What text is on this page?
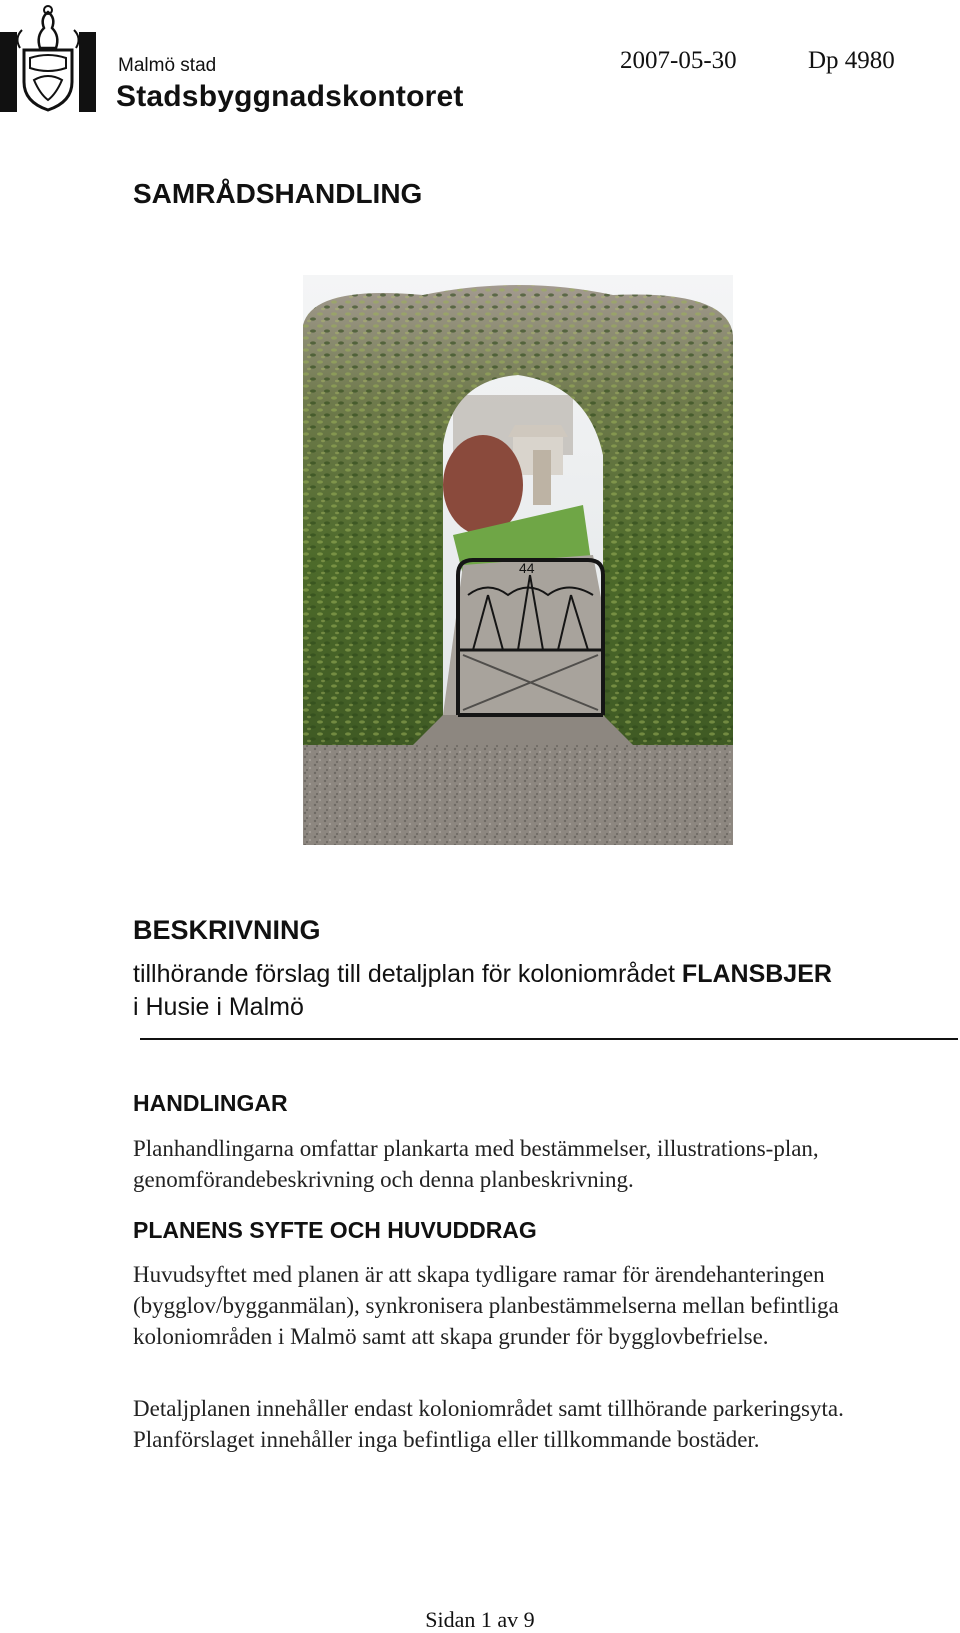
Malmö stad
Stadsbyggnadskontoret
2007-05-30	Dp 4980
SAMRÅDSHANDLING
44
BESKRIVNING
tillhörande förslag till detaljplan för koloniområdet FLANSBJER
i Husie i Malmö
HANDLINGAR
Planhandlingarna omfattar plankarta med bestämmelser, illustrations-plan, genomförandebeskrivning och denna planbeskrivning.
PLANENS SYFTE OCH HUVUDDRAG
Huvudsyftet med planen är att skapa tydligare ramar för ärendehanteringen (bygglov/bygganmälan), synkronisera planbestämmelserna mellan befintliga koloniområden i Malmö samt att skapa grunder för bygglovbefrielse.
Detaljplanen innehåller endast koloniområdet samt tillhörande parkeringsyta. Planförslaget innehåller inga befintliga eller tillkommande bostäder.
Sidan 1 av 9
